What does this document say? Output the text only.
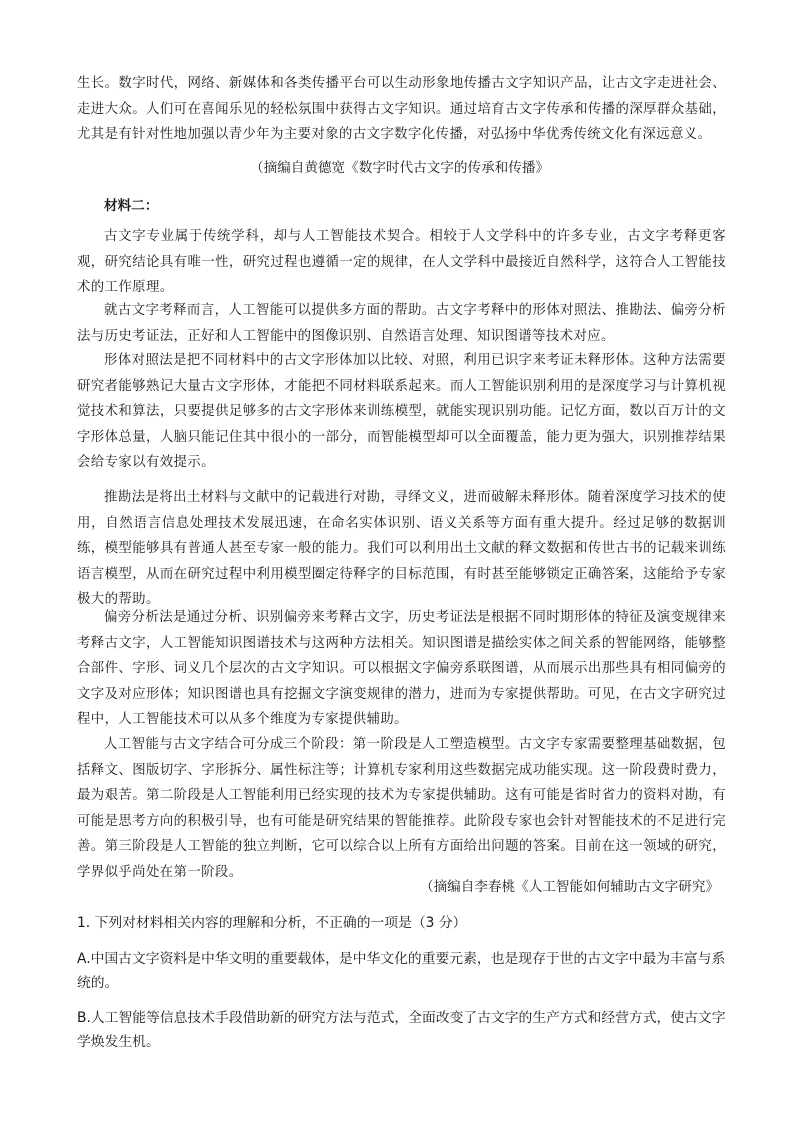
生长。数字时代，网络、新媒体和各类传播平台可以生动形象地传播古文字知识产品，让古文字走进社会、走进大众。人们可在喜闻乐见的轻松氛围中获得古文字知识。通过培育古文字传承和传播的深厚群众基础，尤其是有针对性地加强以青少年为主要对象的古文字数字化传播，对弘扬中华优秀传统文化有深远意义。

（摘编自黄德宽《数字时代古文字的传承和传播》

材料二：

古文字专业属于传统学科，却与人工智能技术契合。相较于人文学科中的许多专业，古文字考释更客观，研究结论具有唯一性，研究过程也遵循一定的规律，在人文学科中最接近自然科学，这符合人工智能技术的工作原理。

就古文字考释而言，人工智能可以提供多方面的帮助。古文字考释中的形体对照法、推勘法、偏旁分析法与历史考证法，正好和人工智能中的图像识别、自然语言处理、知识图谱等技术对应。

形体对照法是把不同材料中的古文字形体加以比较、对照，利用已识字来考证未释形体。这种方法需要研究者能够熟记大量古文字形体，才能把不同材料联系起来。而人工智能识别利用的是深度学习与计算机视觉技术和算法，只要提供足够多的古文字形体来训练模型，就能实现识别功能。记忆方面，数以百万计的文字形体总量，人脑只能记住其中很小的一部分，而智能模型却可以全面覆盖，能力更为强大，识别推荐结果会给专家以有效提示。

推勘法是将出土材料与文献中的记载进行对勘，寻绎文义，进而破解未释形体。随着深度学习技术的使用，自然语言信息处理技术发展迅速，在命名实体识别、语义关系等方面有重大提升。经过足够的数据训练，模型能够具有普通人甚至专家一般的能力。我们可以利用出土文献的释文数据和传世古书的记载来训练语言模型，从而在研究过程中利用模型圈定待释字的目标范围，有时甚至能够锁定正确答案，这能给予专家极大的帮助。

偏旁分析法是通过分析、识别偏旁来考释古文字，历史考证法是根据不同时期形体的特征及演变规律来考释古文字，人工智能知识图谱技术与这两种方法相关。知识图谱是描绘实体之间关系的智能网络，能够整合部件、字形、词义几个层次的古文字知识。可以根据文字偏旁系联图谱，从而展示出那些具有相同偏旁的文字及对应形体；知识图谱也具有挖掘文字演变规律的潜力，进而为专家提供帮助。可见，在古文字研究过程中，人工智能技术可以从多个维度为专家提供辅助。

人工智能与古文字结合可分成三个阶段：第一阶段是人工塑造模型。古文字专家需要整理基础数据，包括释文、图版切字、字形拆分、属性标注等；计算机专家利用这些数据完成功能实现。这一阶段费时费力，最为艰苦。第二阶段是人工智能利用已经实现的技术为专家提供辅助。这有可能是省时省力的资料对勘，有可能是思考方向的积极引导，也有可能是研究结果的智能推荐。此阶段专家也会针对智能技术的不足进行完善。第三阶段是人工智能的独立判断，它可以综合以上所有方面给出问题的答案。目前在这一领域的研究，学界似乎尚处在第一阶段。

（摘编自李春桃《人工智能如何辅助古文字研究》

1. 下列对材料相关内容的理解和分析，不正确的一项是（3 分）

A.中国古文字资料是中华文明的重要载体，是中华文化的重要元素，也是现存于世的古文字中最为丰富与系统的。

B.人工智能等信息技术手段借助新的研究方法与范式，全面改变了古文字的生产方式和经营方式，使古文字学焕发生机。
